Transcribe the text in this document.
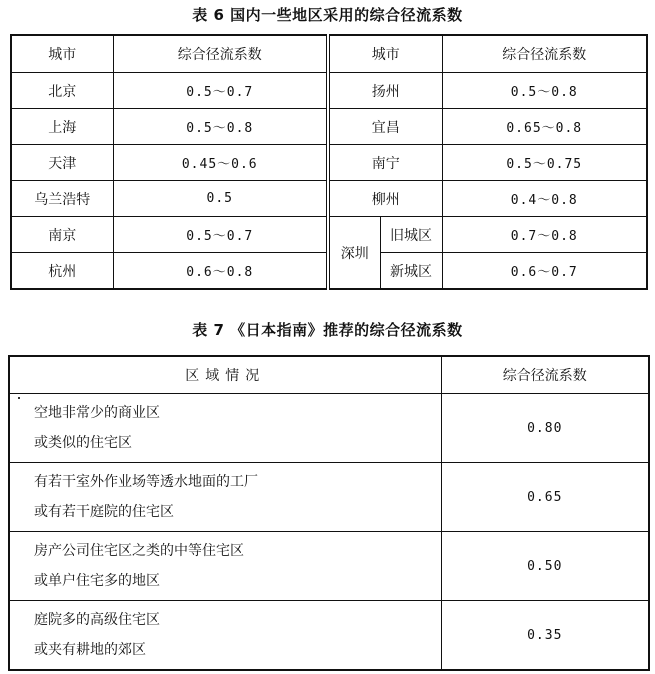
表 6 国内一些地区采用的综合径流系数
城市	综合径流系数	城市		综合径流系数
北京	0.5～0.7	扬州		0.5～0.8
上海	0.5～0.8	宜昌		0.65～0.8
天津	0.45～0.6	南宁		0.5～0.75
乌兰浩特	0.5	柳州		0.4～0.8
南京	0.5～0.7	深圳	旧城区	0.7～0.8
杭州	0.6～0.8		新城区	0.6～0.7
表 7 《日本指南》推荐的综合径流系数
区域情况	综合径流系数

空地非常少的商业区
或类似的住宅区	0.80

有若干室外作业场等透水地面的工厂
或有若干庭院的住宅区	0.65

房产公司住宅区之类的中等住宅区
或单户住宅多的地区	0.50

庭院多的高级住宅区
或夹有耕地的郊区	0.35
